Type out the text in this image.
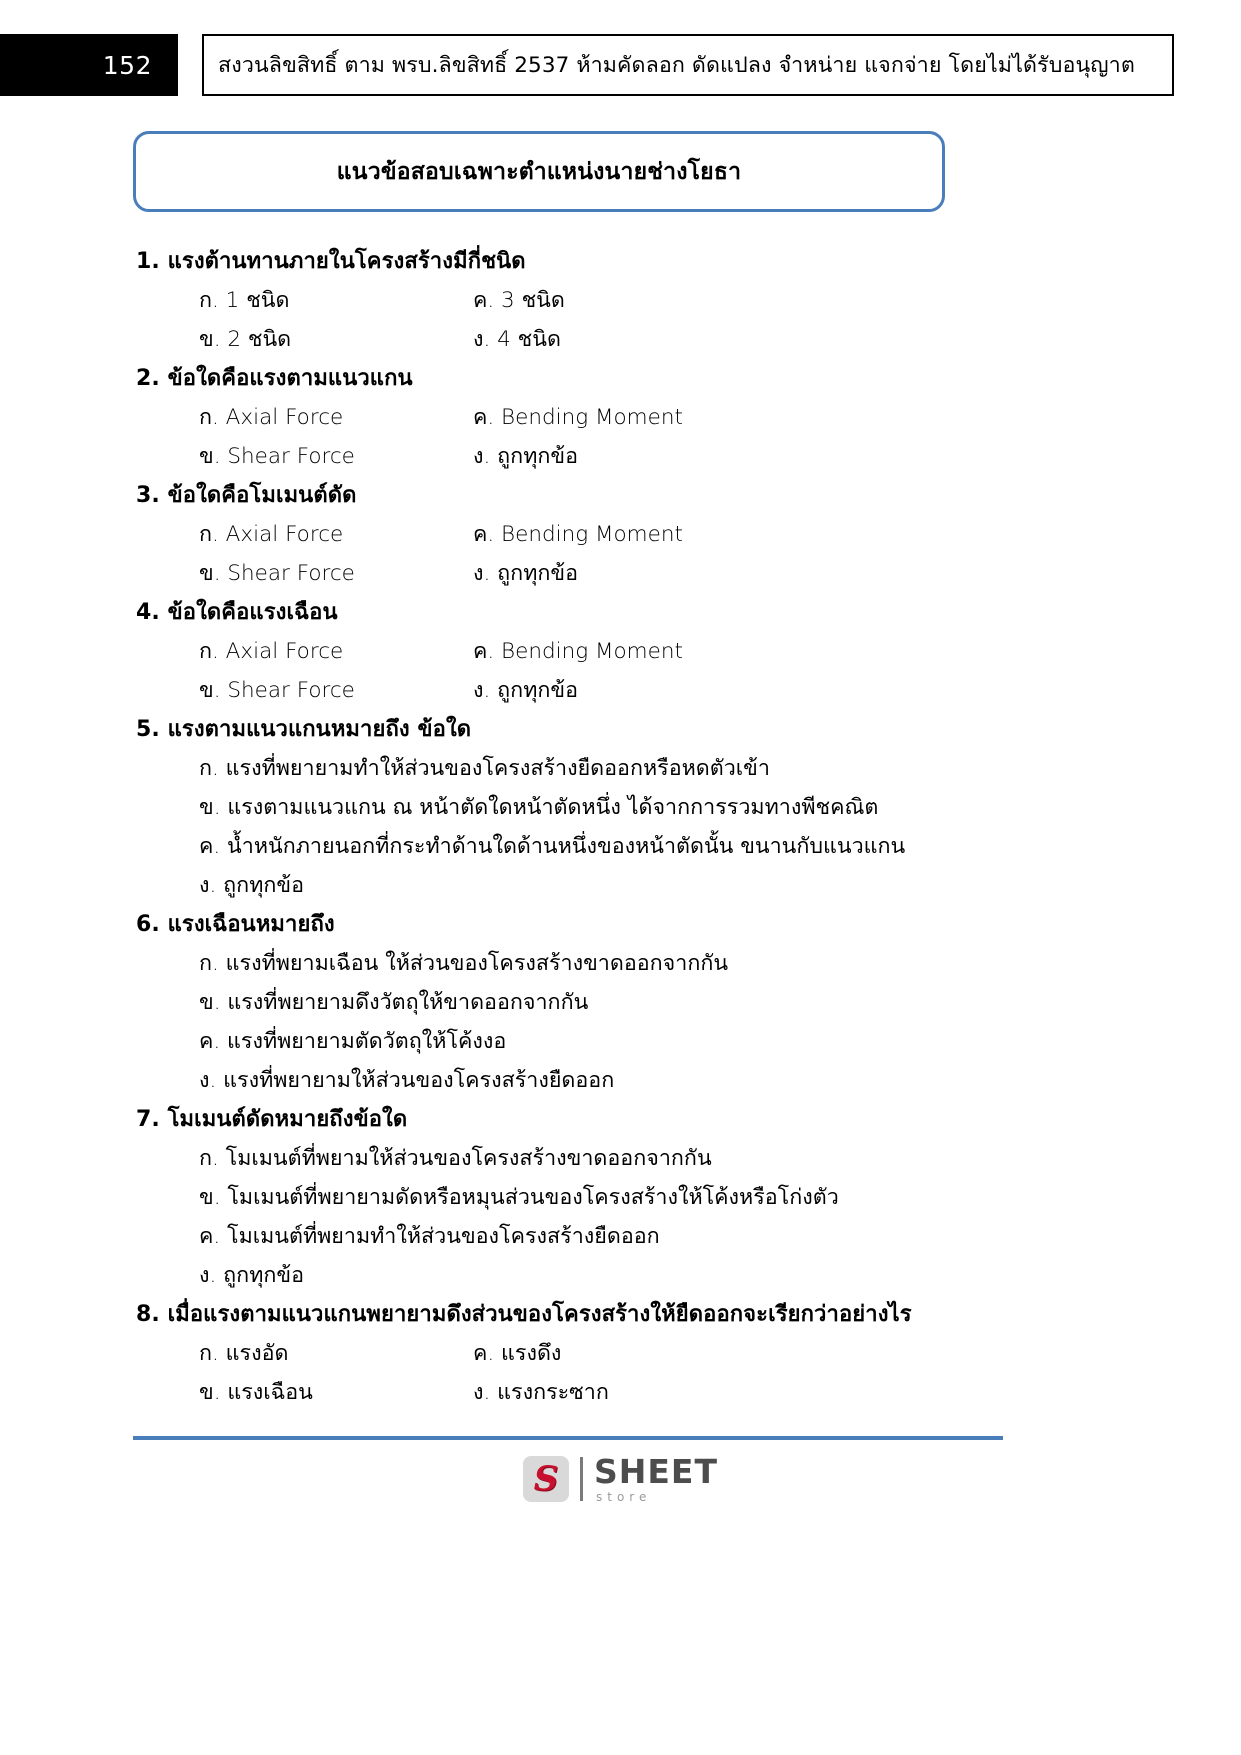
152	สงวนลิขสิทธิ์ ตาม พรบ.ลิขสิทธิ์ 2537 ห้ามคัดลอก ดัดแปลง จำหน่าย แจกจ่าย โดยไม่ได้รับอนุญาต
แนวข้อสอบเฉพาะตำแหน่งนายช่างโยธา
1. แรงต้านทานภายในโครงสร้างมีกี่ชนิด
ก. 1 ชนิด	ค. 3 ชนิด
ข. 2 ชนิด	ง. 4 ชนิด
2. ข้อใดคือแรงตามแนวแกน
ก. Axial Force	ค. Bending Moment
ข. Shear Force	ง. ถูกทุกข้อ
3. ข้อใดคือโมเมนต์ดัด
ก. Axial Force	ค. Bending Moment
ข. Shear Force	ง. ถูกทุกข้อ
4. ข้อใดคือแรงเฉือน
ก. Axial Force	ค. Bending Moment
ข. Shear Force	ง. ถูกทุกข้อ
5. แรงตามแนวแกนหมายถึง ข้อใด
ก. แรงที่พยายามทำให้ส่วนของโครงสร้างยืดออกหรือหดตัวเข้า
ข. แรงตามแนวแกน ณ หน้าตัดใดหน้าตัดหนึ่ง ได้จากการรวมทางพีชคณิต
ค. น้ำหนักภายนอกที่กระทำด้านใดด้านหนึ่งของหน้าตัดนั้น ขนานกับแนวแกน
ง. ถูกทุกข้อ
6. แรงเฉือนหมายถึง
ก. แรงที่พยามเฉือน ให้ส่วนของโครงสร้างขาดออกจากกัน
ข. แรงที่พยายามดึงวัตถุให้ขาดออกจากกัน
ค. แรงที่พยายามตัดวัตถุให้โค้งงอ
ง. แรงที่พยายามให้ส่วนของโครงสร้างยืดออก
7. โมเมนต์ดัดหมายถึงข้อใด
ก. โมเมนต์ที่พยามให้ส่วนของโครงสร้างขาดออกจากกัน
ข. โมเมนต์ที่พยายามดัดหรือหมุนส่วนของโครงสร้างให้โค้งหรือโก่งตัว
ค. โมเมนต์ที่พยามทำให้ส่วนของโครงสร้างยืดออก
ง. ถูกทุกข้อ
8. เมื่อแรงตามแนวแกนพยายามดึงส่วนของโครงสร้างให้ยืดออกจะเรียกว่าอย่างไร
ก. แรงอัด	ค. แรงดึง
ข. แรงเฉือน	ง. แรงกระซาก
S SHEET
store
